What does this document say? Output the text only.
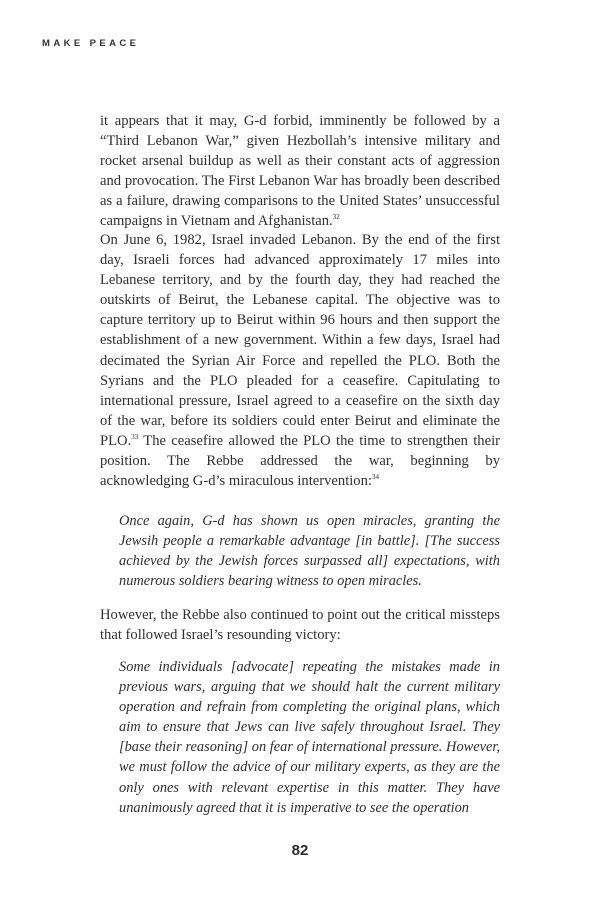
MAKE PEACE

it appears that it may, G-d forbid, imminently be followed by a “Third Lebanon War,” given Hezbollah’s intensive military and rocket arsenal buildup as well as their constant acts of aggression and provocation. The First Lebanon War has broadly been described as a failure, drawing comparisons to the United States’ unsuccessful campaigns in Vietnam and Afghanistan.$^{32}$

On June 6, 1982, Israel invaded Lebanon. By the end of the first day, Israeli forces had advanced approximately 17 miles into Lebanese territory, and by the fourth day, they had reached the outskirts of Beirut, the Lebanese capital. The objective was to capture territory up to Beirut within 96 hours and then support the establishment of a new government. Within a few days, Israel had decimated the Syrian Air Force and repelled the PLO. Both the Syrians and the PLO pleaded for a ceasefire. Capitulating to international pressure, Israel agreed to a ceasefire on the sixth day of the war, before its soldiers could enter Beirut and eliminate the PLO.$^{33}$ The ceasefire allowed the PLO the time to strengthen their position. The Rebbe addressed the war, beginning by acknowledging G-d’s miraculous intervention:$^{34}$

Once again, G-d has shown us open miracles, granting the Jewsih people a remarkable advantage [in battle]. [The success achieved by the Jewish forces surpassed all] expectations, with numerous soldiers bearing witness to open miracles.

However, the Rebbe also continued to point out the critical missteps that followed Israel’s resounding victory:

Some individuals [advocate] repeating the mistakes made in previous wars, arguing that we should halt the current military operation and refrain from completing the original plans, which aim to ensure that Jews can live safely throughout Israel. They [base their reasoning] on fear of international pressure. However, we must follow the advice of our military experts, as they are the only ones with relevant expertise in this matter. They have unanimously agreed that it is imperative to see the operation

82
